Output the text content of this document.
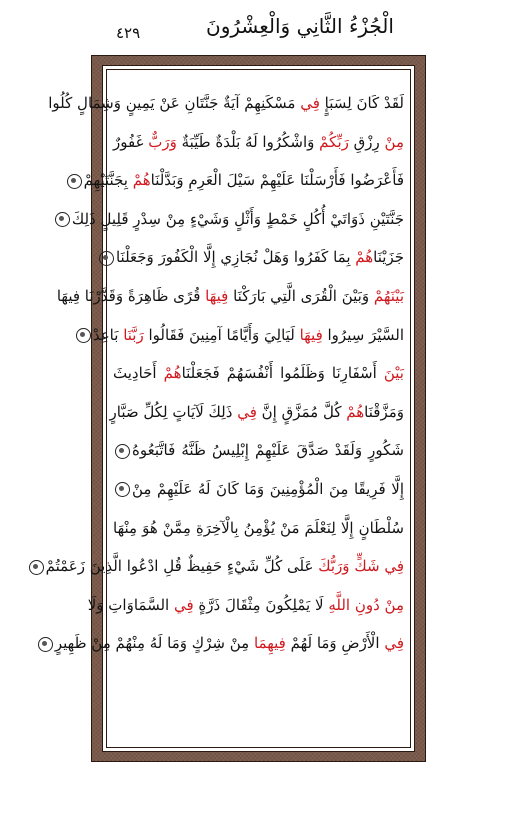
الْجُزْءُ الثَّانِي وَالْعِشْرُونَ
٤٢٩
لَقَدْ كَانَ لِسَبَإٍ فِي مَسْكَنِهِمْ آيَةٌ جَنَّتَانِ عَنْ يَمِينٍ وَشِمَالٍ كُلُوا
مِنْ رِزْقِ رَبِّكُمْ وَاشْكُرُوا لَهُ بَلْدَةٌ طَيِّبَةٌ وَرَبٌّ غَفُورٌ
فَأَعْرَضُوا فَأَرْسَلْنَا عَلَيْهِمْ سَيْلَ الْعَرِمِ وَبَدَّلْنَاهُمْ بِجَنَّتَيْهِمْ
جَنَّتَيْنِ ذَوَاتَيْ أُكُلٍ خَمْطٍ وَأَثْلٍ وَشَيْءٍ مِنْ سِدْرٍ قَلِيلٍ ذَلِكَ
جَزَيْنَاهُمْ بِمَا كَفَرُوا وَهَلْ نُجَازِي إِلَّا الْكَفُورَ وَجَعَلْنَا
بَيْنَهُمْ وَبَيْنَ الْقُرَى الَّتِي بَارَكْنَا فِيهَا قُرًى ظَاهِرَةً وَقَدَّرْنَا فِيهَا
السَّيْرَ سِيرُوا فِيهَا لَيَالِيَ وَأَيَّامًا آمِنِينَ فَقَالُوا رَبَّنَا بَاعِدْ
بَيْنَ أَسْفَارِنَا وَظَلَمُوا أَنْفُسَهُمْ فَجَعَلْنَاهُمْ أَحَادِيثَ
وَمَزَّقْنَاهُمْ كُلَّ مُمَزَّقٍ إِنَّ فِي ذَلِكَ لَآيَاتٍ لِكُلِّ صَبَّارٍ
شَكُورٍ وَلَقَدْ صَدَّقَ عَلَيْهِمْ إِبْلِيسُ ظَنَّهُ فَاتَّبَعُوهُ
إِلَّا فَرِيقًا مِنَ الْمُؤْمِنِينَ وَمَا كَانَ لَهُ عَلَيْهِمْ مِنْ
سُلْطَانٍ إِلَّا لِنَعْلَمَ مَنْ يُؤْمِنُ بِالْآخِرَةِ مِمَّنْ هُوَ مِنْهَا
فِي شَكٍّ وَرَبُّكَ عَلَى كُلِّ شَيْءٍ حَفِيظٌ قُلِ ادْعُوا الَّذِينَ زَعَمْتُمْ
مِنْ دُونِ اللَّهِ لَا يَمْلِكُونَ مِثْقَالَ ذَرَّةٍ فِي السَّمَاوَاتِ وَلَا
فِي الْأَرْضِ وَمَا لَهُمْ فِيهِمَا مِنْ شِرْكٍ وَمَا لَهُ مِنْهُمْ مِنْ ظَهِيرٍ
